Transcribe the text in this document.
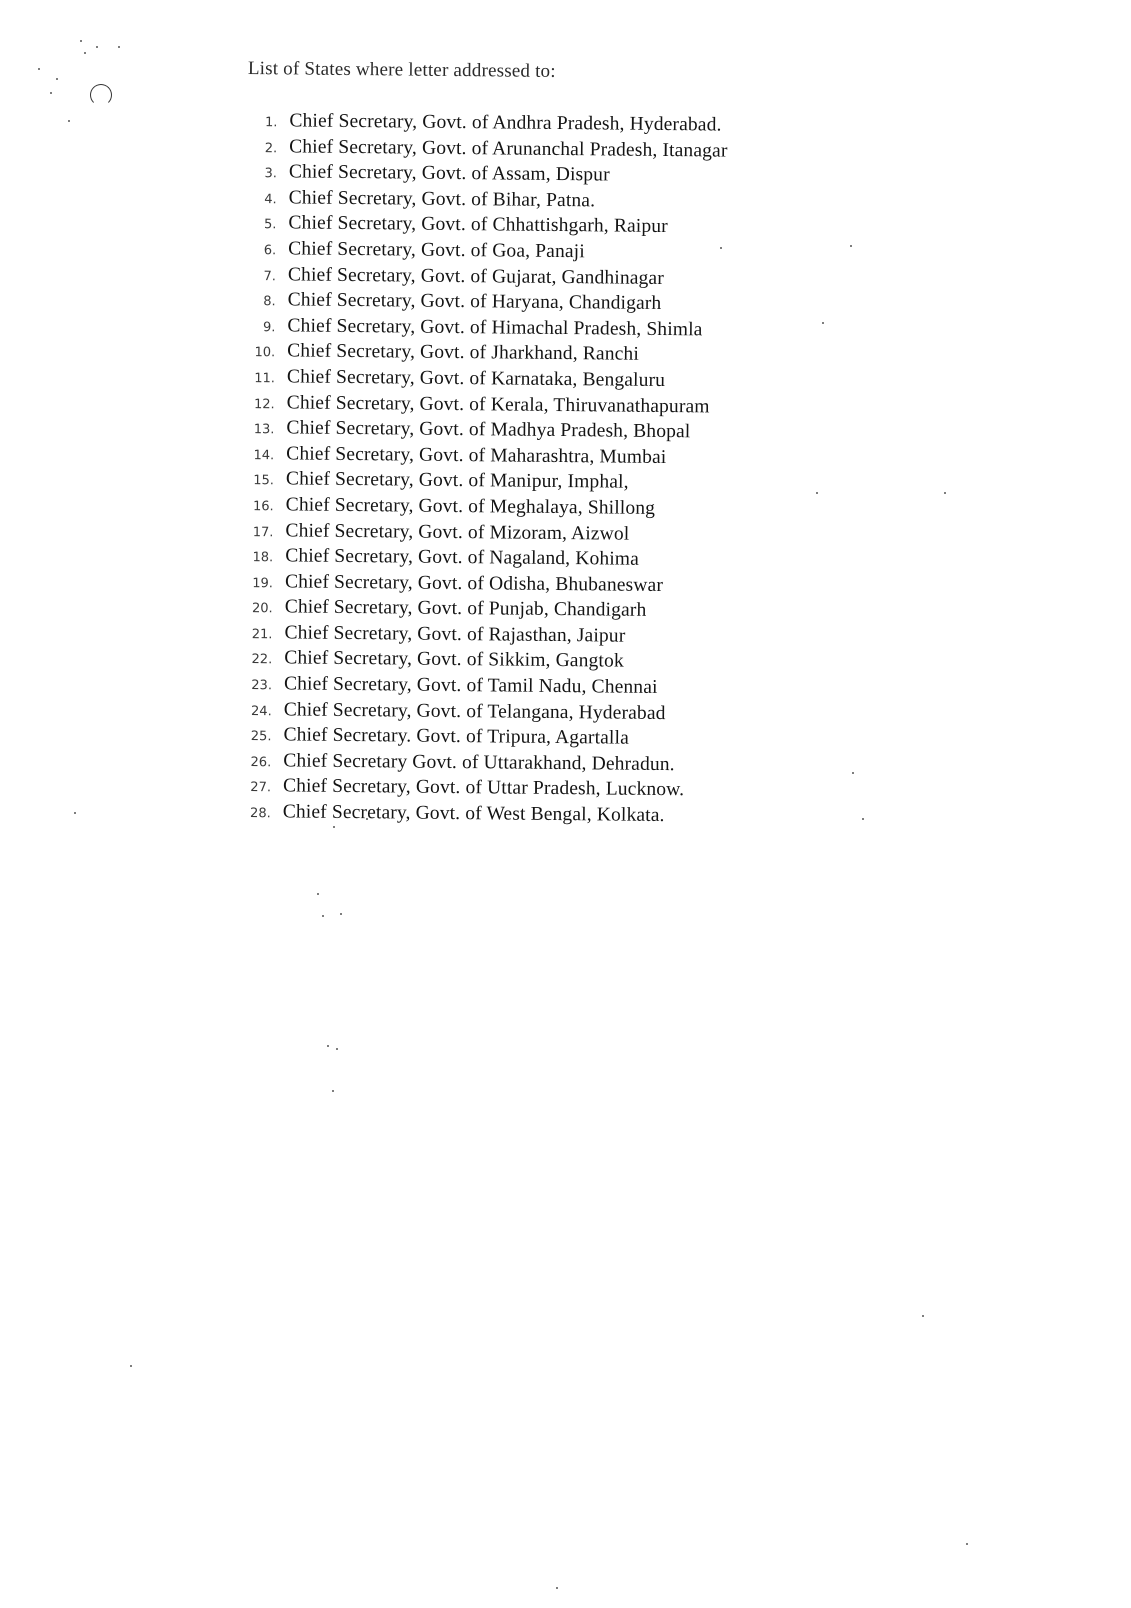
List of States where letter addressed to:
1. Chief Secretary, Govt. of Andhra Pradesh, Hyderabad.
2. Chief Secretary, Govt. of Arunanchal Pradesh, Itanagar
3. Chief Secretary, Govt. of Assam, Dispur
4. Chief Secretary, Govt. of Bihar, Patna.
5. Chief Secretary, Govt. of Chhattishgarh, Raipur
6. Chief Secretary, Govt. of Goa, Panaji
7. Chief Secretary, Govt. of Gujarat, Gandhinagar
8. Chief Secretary, Govt. of Haryana, Chandigarh
9. Chief Secretary, Govt. of Himachal Pradesh, Shimla
10. Chief Secretary, Govt. of Jharkhand, Ranchi
11. Chief Secretary, Govt. of Karnataka, Bengaluru
12. Chief Secretary, Govt. of Kerala, Thiruvanathapuram
13. Chief Secretary, Govt. of Madhya Pradesh, Bhopal
14. Chief Secretary, Govt. of Maharashtra, Mumbai
15. Chief Secretary, Govt. of Manipur, Imphal,
16. Chief Secretary, Govt. of Meghalaya, Shillong
17. Chief Secretary, Govt. of Mizoram, Aizwol
18. Chief Secretary, Govt. of Nagaland, Kohima
19. Chief Secretary, Govt. of Odisha, Bhubaneswar
20. Chief Secretary, Govt. of Punjab, Chandigarh
21. Chief Secretary, Govt. of Rajasthan, Jaipur
22. Chief Secretary, Govt. of Sikkim, Gangtok
23. Chief Secretary, Govt. of Tamil Nadu, Chennai
24. Chief Secretary, Govt. of Telangana, Hyderabad
25. Chief Secretary. Govt. of Tripura, Agartalla
26. Chief Secretary Govt. of Uttarakhand, Dehradun.
27. Chief Secretary, Govt. of Uttar Pradesh, Lucknow.
28. Chief Secretary, Govt. of West Bengal, Kolkata.
